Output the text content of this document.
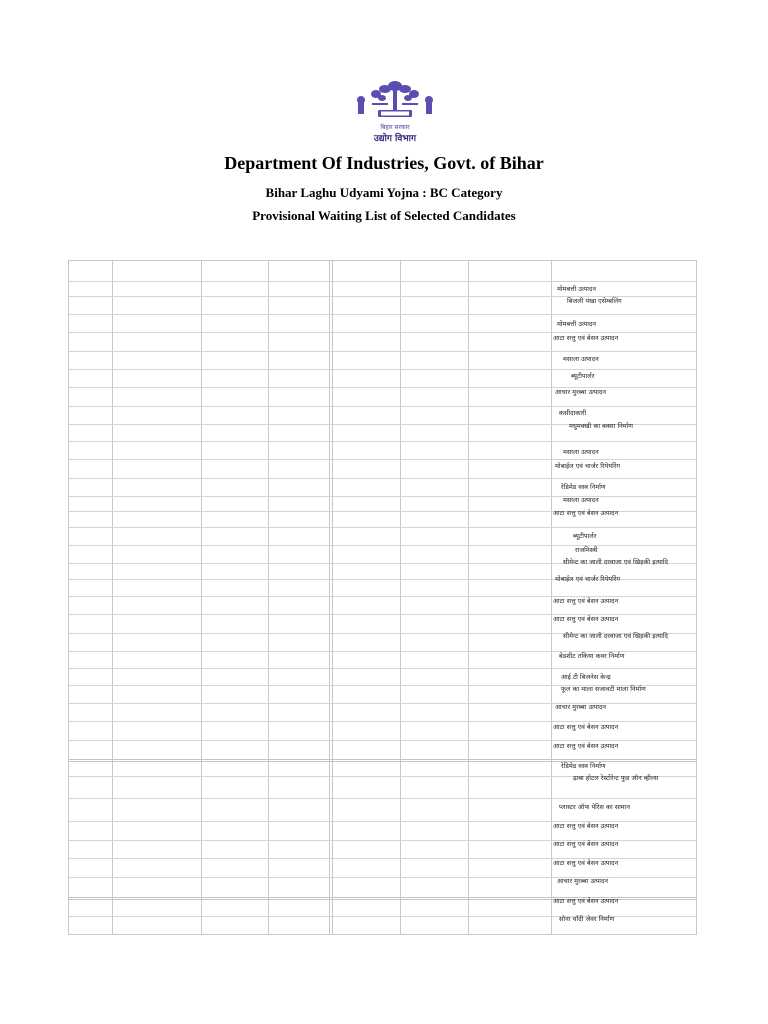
बिहार सरकार
उद्योग विभाग
Department Of Industries, Govt. of Bihar
Bihar Laghu Udyami Yojna : BC Category
Provisional Waiting List of Selected Candidates
मोमबत्ती उत्पादन
बिजली पंखा एसेम्बलिंग
मोमबत्ती उत्पादन
आटा सत्तु एवं बेसन उत्पादन
मसाला उत्पादन
ब्यूटीपार्लर
आचार मुरब्बा उत्पादन
कसीदाकारी
मधुमक्खी का बक्सा निर्माण
मसाला उत्पादन
मोबाईल एवं चार्जर रिपेयरिंग
रेडिमेड वस्त्र निर्माण
मसाला उत्पादन
आटा सत्तु एवं बेसन उत्पादन
ब्यूटीपार्लर
राजमिस्त्री
सीमेन्ट का जाली दरवाजा एवं खिड़की इत्यादि
मोबाईल एवं चार्जर रिपेयरिंग
आटा सत्तु एवं बेसन उत्पादन
आटा सत्तु एवं बेसन उत्पादन
सीमेन्ट का जाली दरवाजा एवं खिड़की इत्यादि
बेडशीट तकिया कवर निर्माण
आई टी बिजनेस केन्द्र
फूल का माला सजावटी माला निर्माण
आचार मुरब्बा उत्पादन
आटा सत्तु एवं बेसन उत्पादन
आटा सत्तु एवं बेसन उत्पादन
रेडिमेड वस्त्र निर्माण
ढ़ाबा होटल रेस्टोरेन्ट फुड ऑन व्हील्स
प्लास्टर ऑफ पेरिस का सामान
आटा सत्तु एवं बेसन उत्पादन
आटा सत्तु एवं बेसन उत्पादन
आटा सत्तु एवं बेसन उत्पादन
आचार मुरब्बा उत्पादन
आटा सत्तु एवं बेसन उत्पादन
सोना चाँदी जेवर निर्माण
